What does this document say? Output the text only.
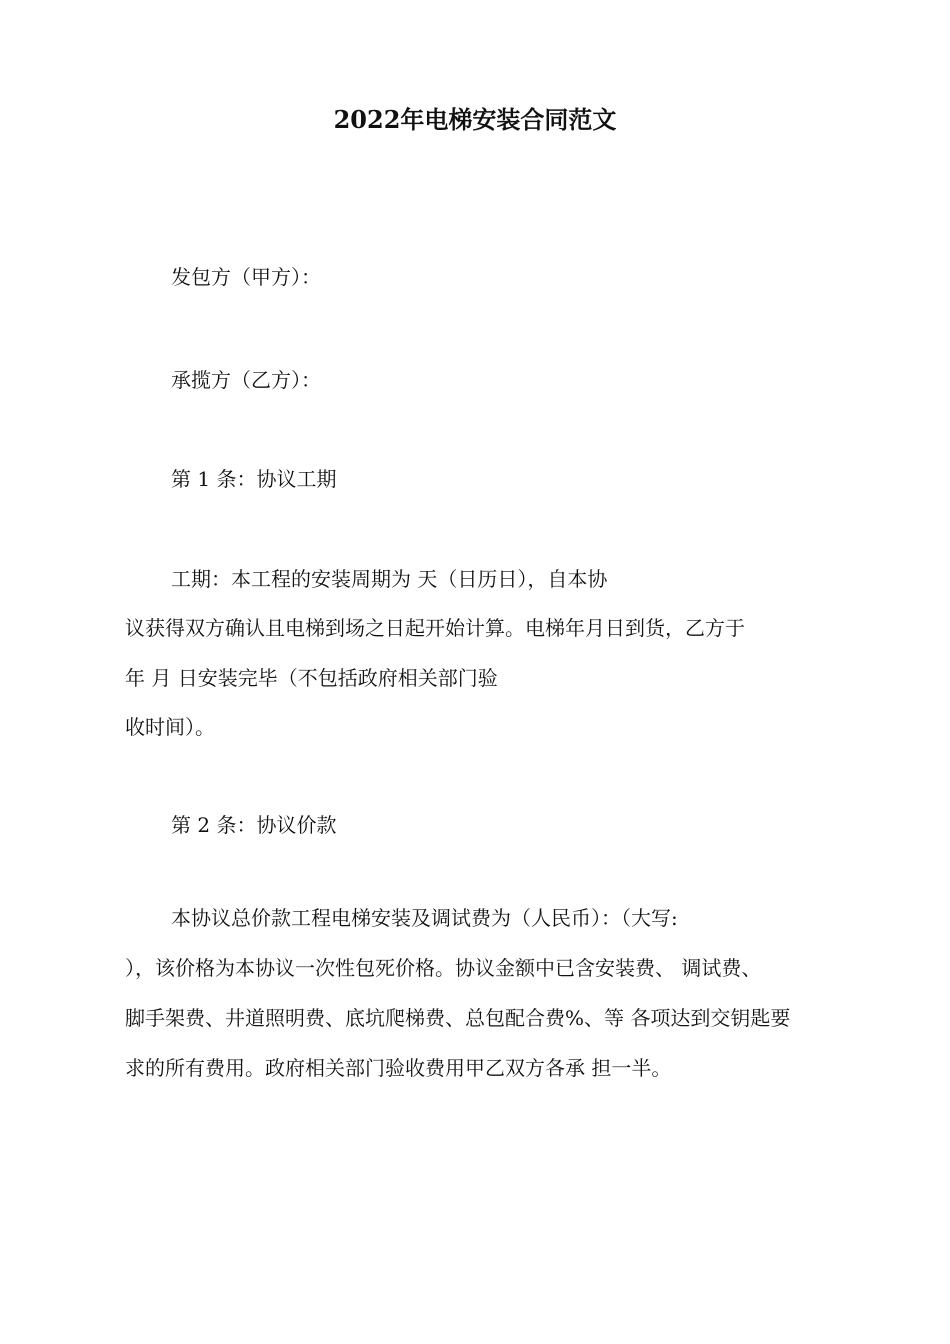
2022年电梯安装合同范文
发包方（甲方）：
承揽方（乙方）：
第 1 条：协议工期
工期：本工程的安装周期为 天（日历日），自本协
议获得双方确认且电梯到场之日起开始计算。电梯年月日到货，乙方于
年 月 日安装完毕（不包括政府相关部门验
收时间）。
第 2 条：协议价款
本协议总价款工程电梯安装及调试费为（人民币）：（大写:
），该价格为本协议一次性包死价格。协议金额中已含安装费、 调试费、
脚手架费、井道照明费、底坑爬梯费、总包配合费%、等 各项达到交钥匙要
求的所有费用。政府相关部门验收费用甲乙双方各承 担一半。
